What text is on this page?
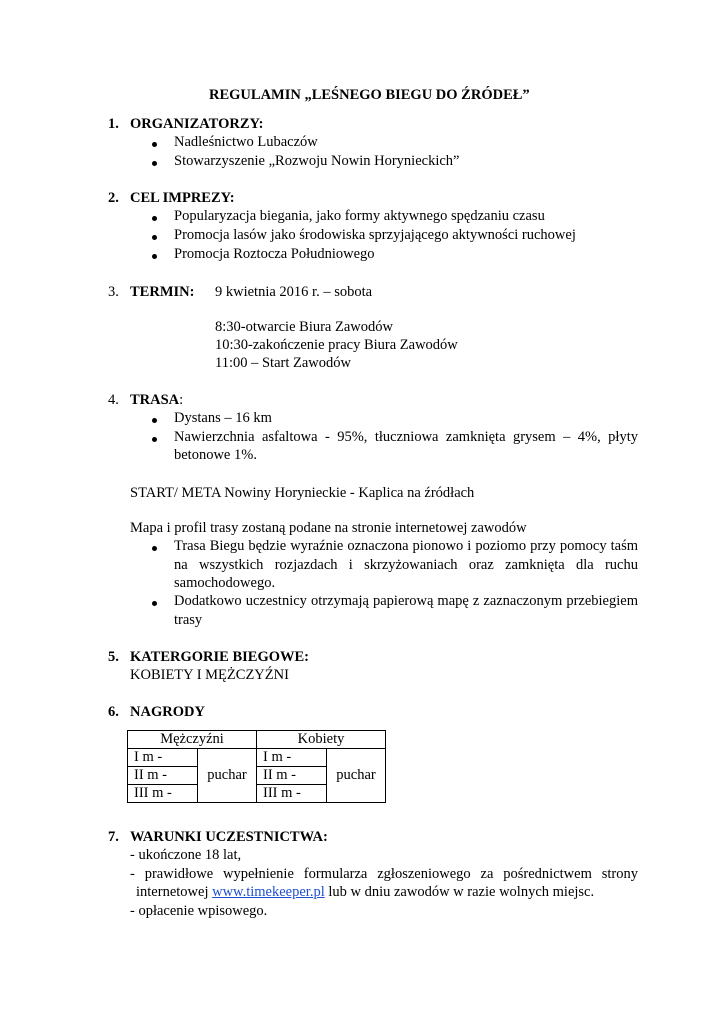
REGULAMIN „LEŚNEGO BIEGU DO ŹRÓDEŁ”
1. ORGANIZATORZY:
Nadleśnictwo Lubaczów
Stowarzyszenie „Rozwoju Nowin Horynieckich”
2. CEL IMPREZY:
Popularyzacja biegania, jako formy aktywnego spędzaniu czasu
Promocja lasów jako środowiska sprzyjającego aktywności ruchowej
Promocja Roztocza Południowego
3. TERMIN: 9 kwietnia 2016 r. – sobota
8:30-otwarcie Biura Zawodów
10:30-zakończenie pracy Biura Zawodów
11:00 – Start Zawodów
4. TRASA:
Dystans – 16 km
Nawierzchnia asfaltowa - 95%, tłuczniowa zamknięta grysem – 4%, płyty
betonowe 1%.
START/ META Nowiny Horynieckie - Kaplica na źródłach
Mapa i profil trasy zostaną podane na stronie internetowej zawodów
Trasa Biegu będzie wyraźnie oznaczona pionowo i poziomo przy pomocy taśm
na wszystkich rozjazdach i skrzyżowaniach oraz zamknięta dla ruchu
samochodowego.
Dodatkowo uczestnicy otrzymają papierową mapę z zaznaczonym przebiegiem
trasy
5. KATERGORIE BIEGOWE:
KOBIETY I MĘŻCZYŹNI
6. NAGRODY
Mężczyźni		Kobiety	
I m -	puchar	I m -	puchar
II m -		II m -	
III m -		III m -	
7. WARUNKI UCZESTNICTWA:
- ukończone 18 lat,
- prawidłowe wypełnienie formularza zgłoszeniowego za pośrednictwem strony
internetowej www.timekeeper.pl lub w dniu zawodów w razie wolnych miejsc.
- opłacenie wpisowego.
